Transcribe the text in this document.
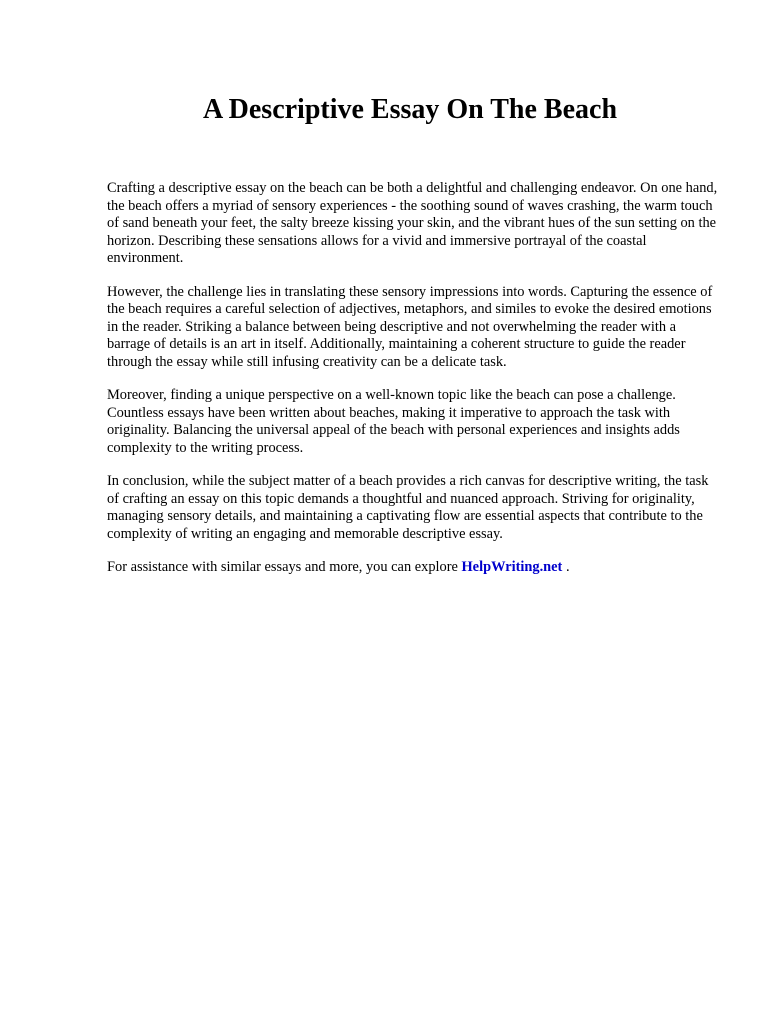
A Descriptive Essay On The Beach

Crafting a descriptive essay on the beach can be both a delightful and challenging endeavor. On one hand, the beach offers a myriad of sensory experiences - the soothing sound of waves crashing, the warm touch of sand beneath your feet, the salty breeze kissing your skin, and the vibrant hues of the sun setting on the horizon. Describing these sensations allows for a vivid and immersive portrayal of the coastal environment.

However, the challenge lies in translating these sensory impressions into words. Capturing the essence of the beach requires a careful selection of adjectives, metaphors, and similes to evoke the desired emotions in the reader. Striking a balance between being descriptive and not overwhelming the reader with a barrage of details is an art in itself. Additionally, maintaining a coherent structure to guide the reader through the essay while still infusing creativity can be a delicate task.

Moreover, finding a unique perspective on a well-known topic like the beach can pose a challenge. Countless essays have been written about beaches, making it imperative to approach the task with originality. Balancing the universal appeal of the beach with personal experiences and insights adds complexity to the writing process.

In conclusion, while the subject matter of a beach provides a rich canvas for descriptive writing, the task of crafting an essay on this topic demands a thoughtful and nuanced approach. Striving for originality, managing sensory details, and maintaining a captivating flow are essential aspects that contribute to the complexity of writing an engaging and memorable descriptive essay.

For assistance with similar essays and more, you can explore HelpWriting.net .
